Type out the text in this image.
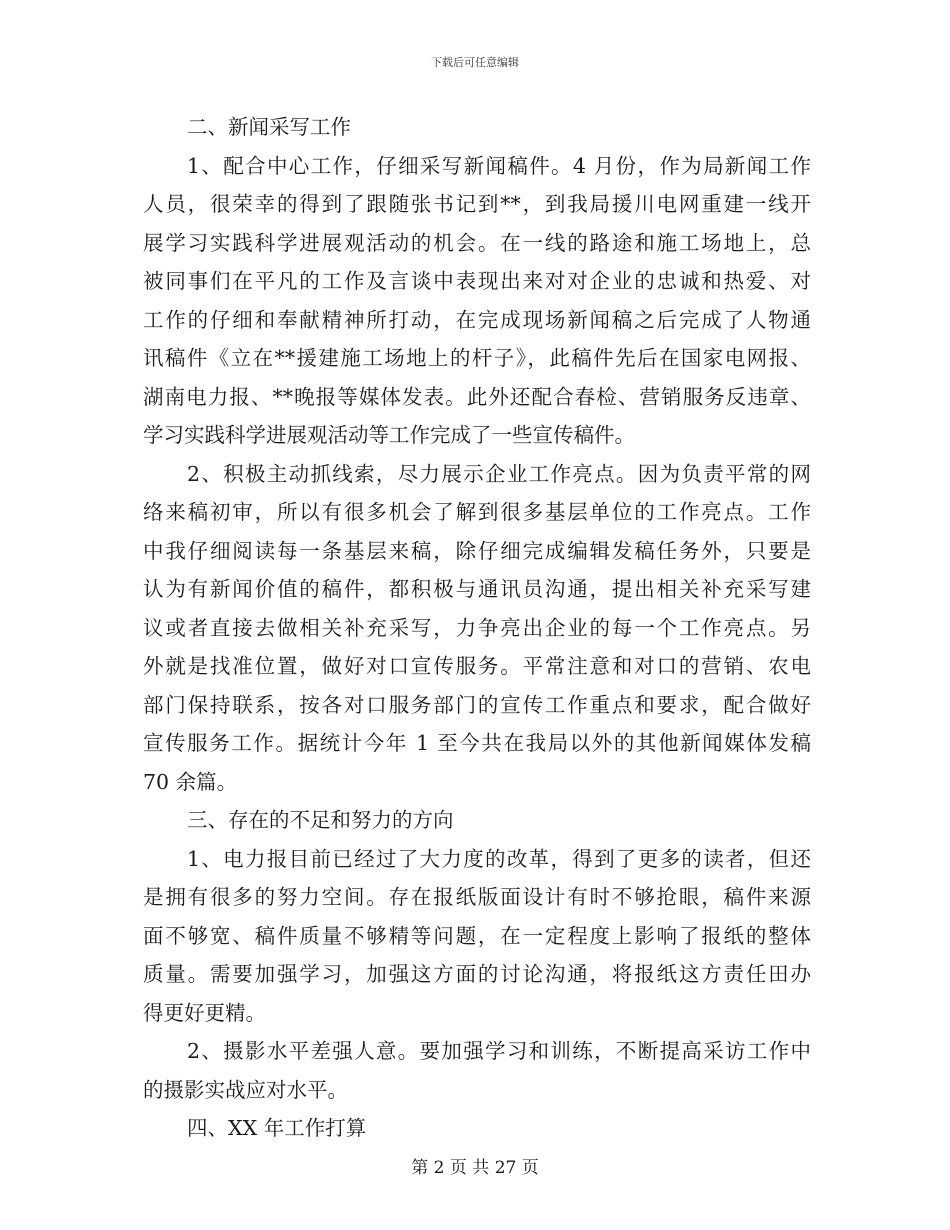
下载后可任意编辑
二、新闻采写工作
1、配合中心工作，仔细采写新闻稿件。4 月份，作为局新闻工作
人员，很荣幸的得到了跟随张书记到**，到我局援川电网重建一线开
展学习实践科学进展观活动的机会。在一线的路途和施工场地上，总
被同事们在平凡的工作及言谈中表现出来对对企业的忠诚和热爱、对
工作的仔细和奉献精神所打动，在完成现场新闻稿之后完成了人物通
讯稿件《立在**援建施工场地上的杆子》，此稿件先后在国家电网报、
湖南电力报、**晚报等媒体发表。此外还配合春检、营销服务反违章、
学习实践科学进展观活动等工作完成了一些宣传稿件。
2、积极主动抓线索，尽力展示企业工作亮点。因为负责平常的网
络来稿初审，所以有很多机会了解到很多基层单位的工作亮点。工作
中我仔细阅读每一条基层来稿，除仔细完成编辑发稿任务外，只要是
认为有新闻价值的稿件，都积极与通讯员沟通，提出相关补充采写建
议或者直接去做相关补充采写，力争亮出企业的每一个工作亮点。另
外就是找准位置，做好对口宣传服务。平常注意和对口的营销、农电
部门保持联系，按各对口服务部门的宣传工作重点和要求，配合做好
宣传服务工作。据统计今年 1 至今共在我局以外的其他新闻媒体发稿
70 余篇。
三、存在的不足和努力的方向
1、电力报目前已经过了大力度的改革，得到了更多的读者，但还
是拥有很多的努力空间。存在报纸版面设计有时不够抢眼，稿件来源
面不够宽、稿件质量不够精等问题，在一定程度上影响了报纸的整体
质量。需要加强学习，加强这方面的讨论沟通，将报纸这方责任田办
得更好更精。
2、摄影水平差强人意。要加强学习和训练，不断提高采访工作中
的摄影实战应对水平。
四、XX 年工作打算
第 2 页 共 27 页
